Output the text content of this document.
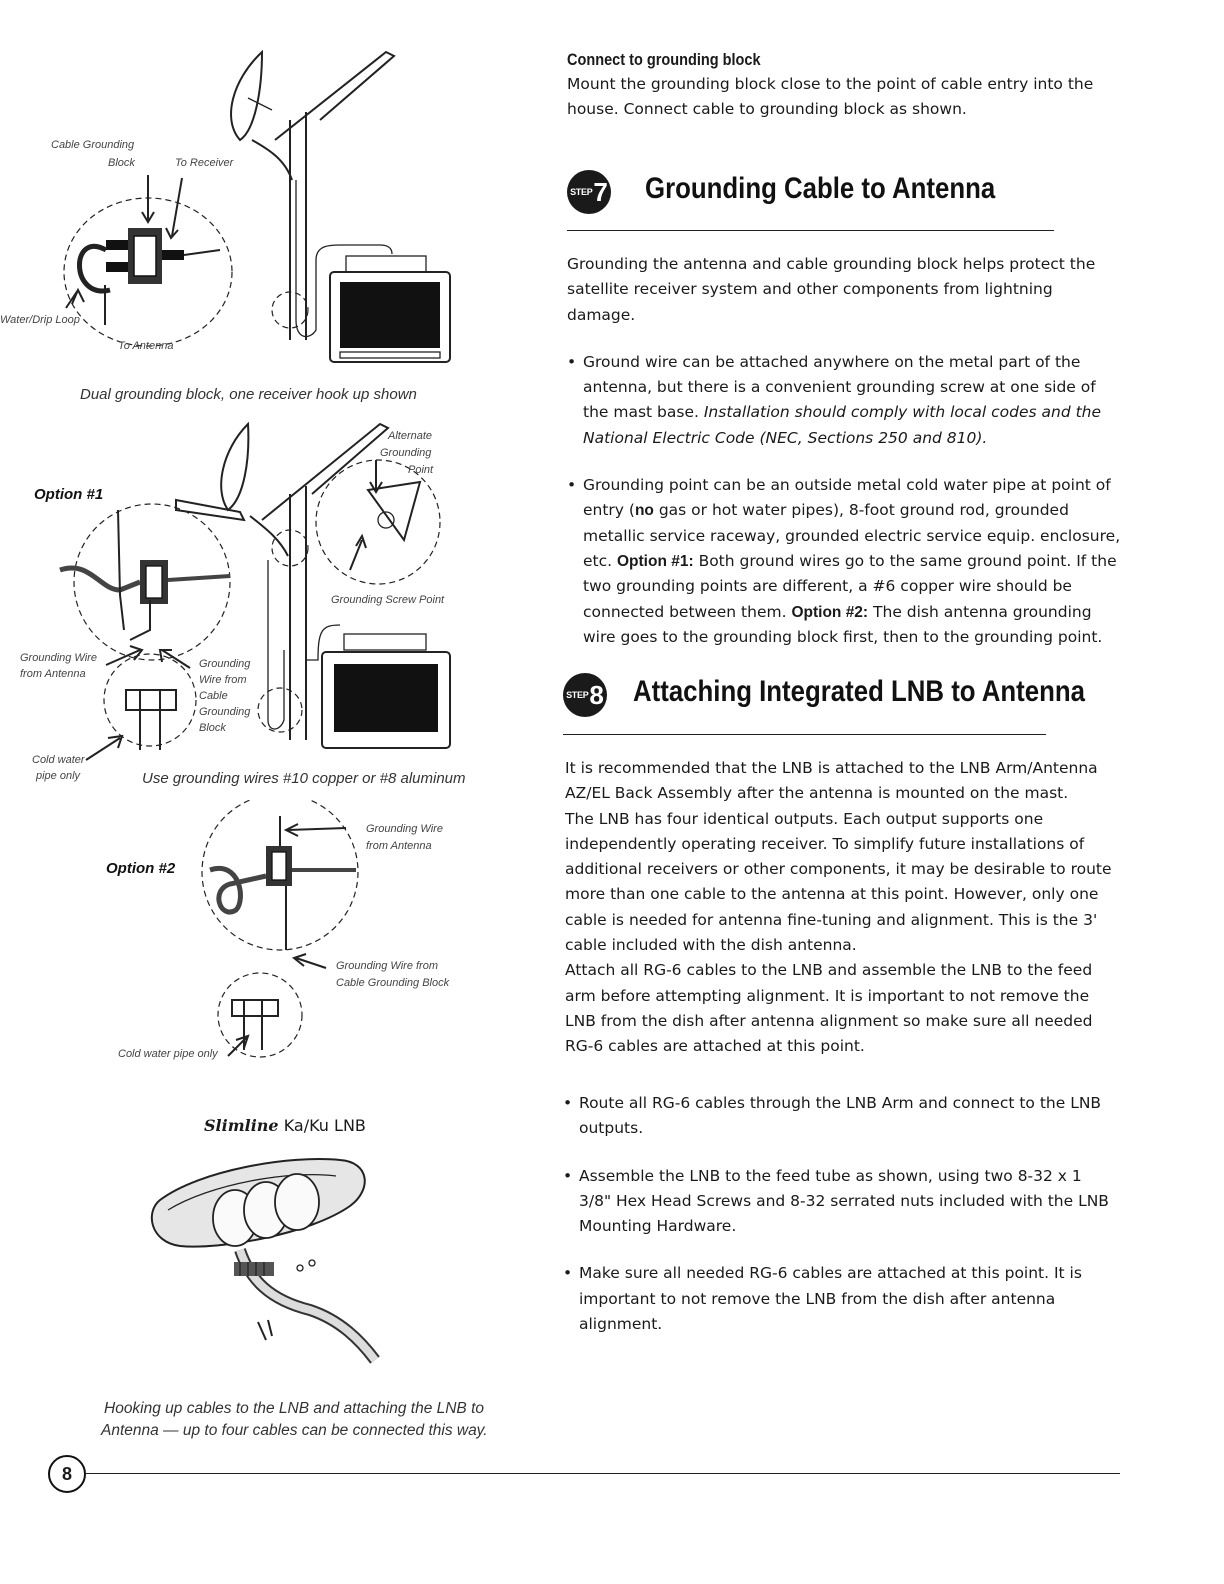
Cable Grounding
Block	To Receiver
Water/Drip Loop
To Antenna
Dual grounding block, one receiver hook up shown
Option #1
Alternate
Grounding
Point
Grounding Screw Point
Grounding Wire
from Antenna
Grounding
Wire from
Cable
Grounding
Block
Cold water
pipe only	Use grounding wires #10 copper or #8 aluminum
Option #2
Grounding Wire
from Antenna
Grounding Wire from
Cable Grounding Block
Cold water pipe only
Slimline Ka/Ku LNB
Hooking up cables to the LNB and attaching the LNB to
Antenna — up to four cables can be connected this way.
Connect to grounding block

Mount the grounding block close to the point of cable entry into the house. Connect cable to grounding block as shown.

STEP 7 Grounding Cable to Antenna

Grounding the antenna and cable grounding block helps protect the satellite receiver system and other components from lightning damage.

• Ground wire can be attached anywhere on the metal part of the antenna, but there is a convenient grounding screw at one side of the mast base. Installation should comply with local codes and the National Electric Code (NEC, Sections 250 and 810).
• Grounding point can be an outside metal cold water pipe at point of entry (no gas or hot water pipes), 8-foot ground rod, grounded metallic service raceway, grounded electric service equip. enclosure, etc. Option #1: Both ground wires go to the same ground point. If the two grounding points are different, a #6 copper wire should be connected between them. Option #2: The dish antenna grounding wire goes to the grounding block first, then to the grounding point.
STEP 8 Attaching Integrated LNB to Antenna

It is recommended that the LNB is attached to the LNB Arm/Antenna AZ/EL Back Assembly after the antenna is mounted on the mast.

The LNB has four identical outputs. Each output supports one independently operating receiver. To simplify future installations of additional receivers or other components, it may be desirable to route more than one cable to the antenna at this point. However, only one cable is needed for antenna fine-tuning and alignment. This is the 3' cable included with the dish antenna.

Attach all RG-6 cables to the LNB and assemble the LNB to the feed arm before attempting alignment. It is important to not remove the LNB from the dish after antenna alignment so make sure all needed RG-6 cables are attached at this point.

• Route all RG-6 cables through the LNB Arm and connect to the LNB outputs.
• Assemble the LNB to the feed tube as shown, using two 8-32 x 1 3/8" Hex Head Screws and 8-32 serrated nuts included with the LNB Mounting Hardware.
• Make sure all needed RG-6 cables are attached at this point. It is important to not remove the LNB from the dish after antenna alignment.
8
